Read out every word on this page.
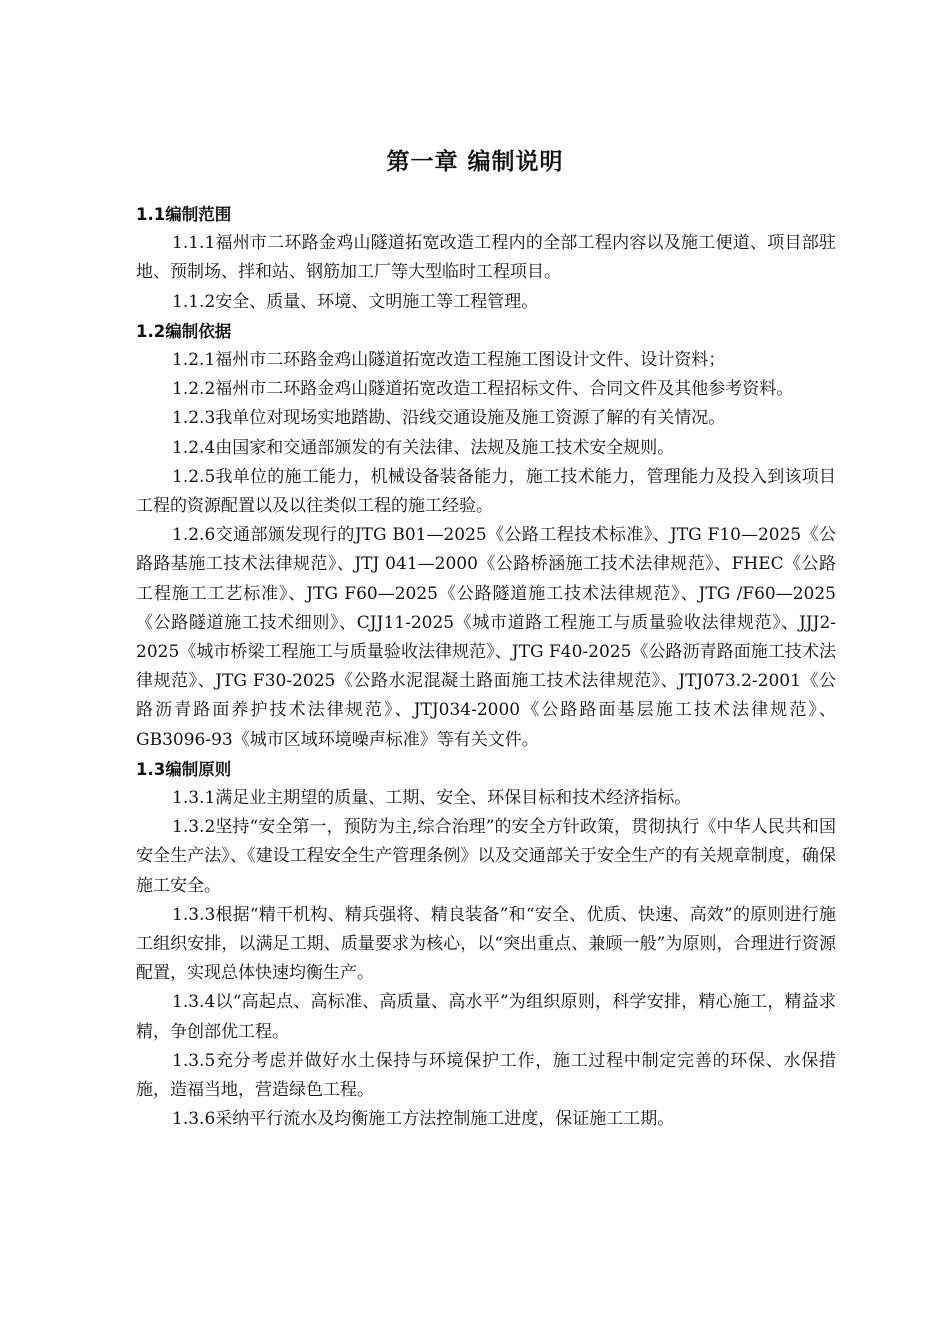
第一章 编制说明

1.1编制范围

1.1.1福州市二环路金鸡山隧道拓宽改造工程内的全部工程内容以及施工便道、项目部驻地、预制场、拌和站、钢筋加工厂等大型临时工程项目。

1.1.2安全、质量、环境、文明施工等工程管理。

1.2编制依据

1.2.1福州市二环路金鸡山隧道拓宽改造工程施工图设计文件、设计资料；

1.2.2福州市二环路金鸡山隧道拓宽改造工程招标文件、合同文件及其他参考资料。

1.2.3我单位对现场实地踏勘、沿线交通设施及施工资源了解的有关情况。

1.2.4由国家和交通部颁发的有关法律、法规及施工技术安全规则。

1.2.5我单位的施工能力，机械设备装备能力，施工技术能力，管理能力及投入到该项目工程的资源配置以及以往类似工程的施工经验。

1.2.6交通部颁发现行的JTG B01—2025《公路工程技术标准》、JTG F10—2025《公路路基施工技术法律规范》、JTJ 041—2000《公路桥涵施工技术法律规范》、FHEC《公路工程施工工艺标准》、JTG F60—2025《公路隧道施工技术法律规范》、JTG /F60—2025《公路隧道施工技术细则》、CJJ11-2025《城市道路工程施工与质量验收法律规范》、JJJ2-2025《城市桥梁工程施工与质量验收法律规范》、JTG F40-2025《公路沥青路面施工技术法律规范》、JTG F30-2025《公路水泥混凝土路面施工技术法律规范》、JTJ073.2-2001《公路沥青路面养护技术法律规范》、JTJ034-2000《公路路面基层施工技术法律规范》、GB3096-93《城市区域环境噪声标准》等有关文件。

1.3编制原则

1.3.1满足业主期望的质量、工期、安全、环保目标和技术经济指标。

1.3.2坚持“安全第一，预防为主,综合治理”的安全方针政策，贯彻执行《中华人民共和国安全生产法》、《建设工程安全生产管理条例》以及交通部关于安全生产的有关规章制度，确保施工安全。

1.3.3根据“精干机构、精兵强将、精良装备”和“安全、优质、快速、高效”的原则进行施工组织安排，以满足工期、质量要求为核心，以“突出重点、兼顾一般”为原则，合理进行资源配置，实现总体快速均衡生产。

1.3.4以“高起点、高标准、高质量、高水平”为组织原则，科学安排，精心施工，精益求精，争创部优工程。

1.3.5充分考虑并做好水土保持与环境保护工作，施工过程中制定完善的环保、水保措施，造福当地，营造绿色工程。

1.3.6采纳平行流水及均衡施工方法控制施工进度，保证施工工期。
